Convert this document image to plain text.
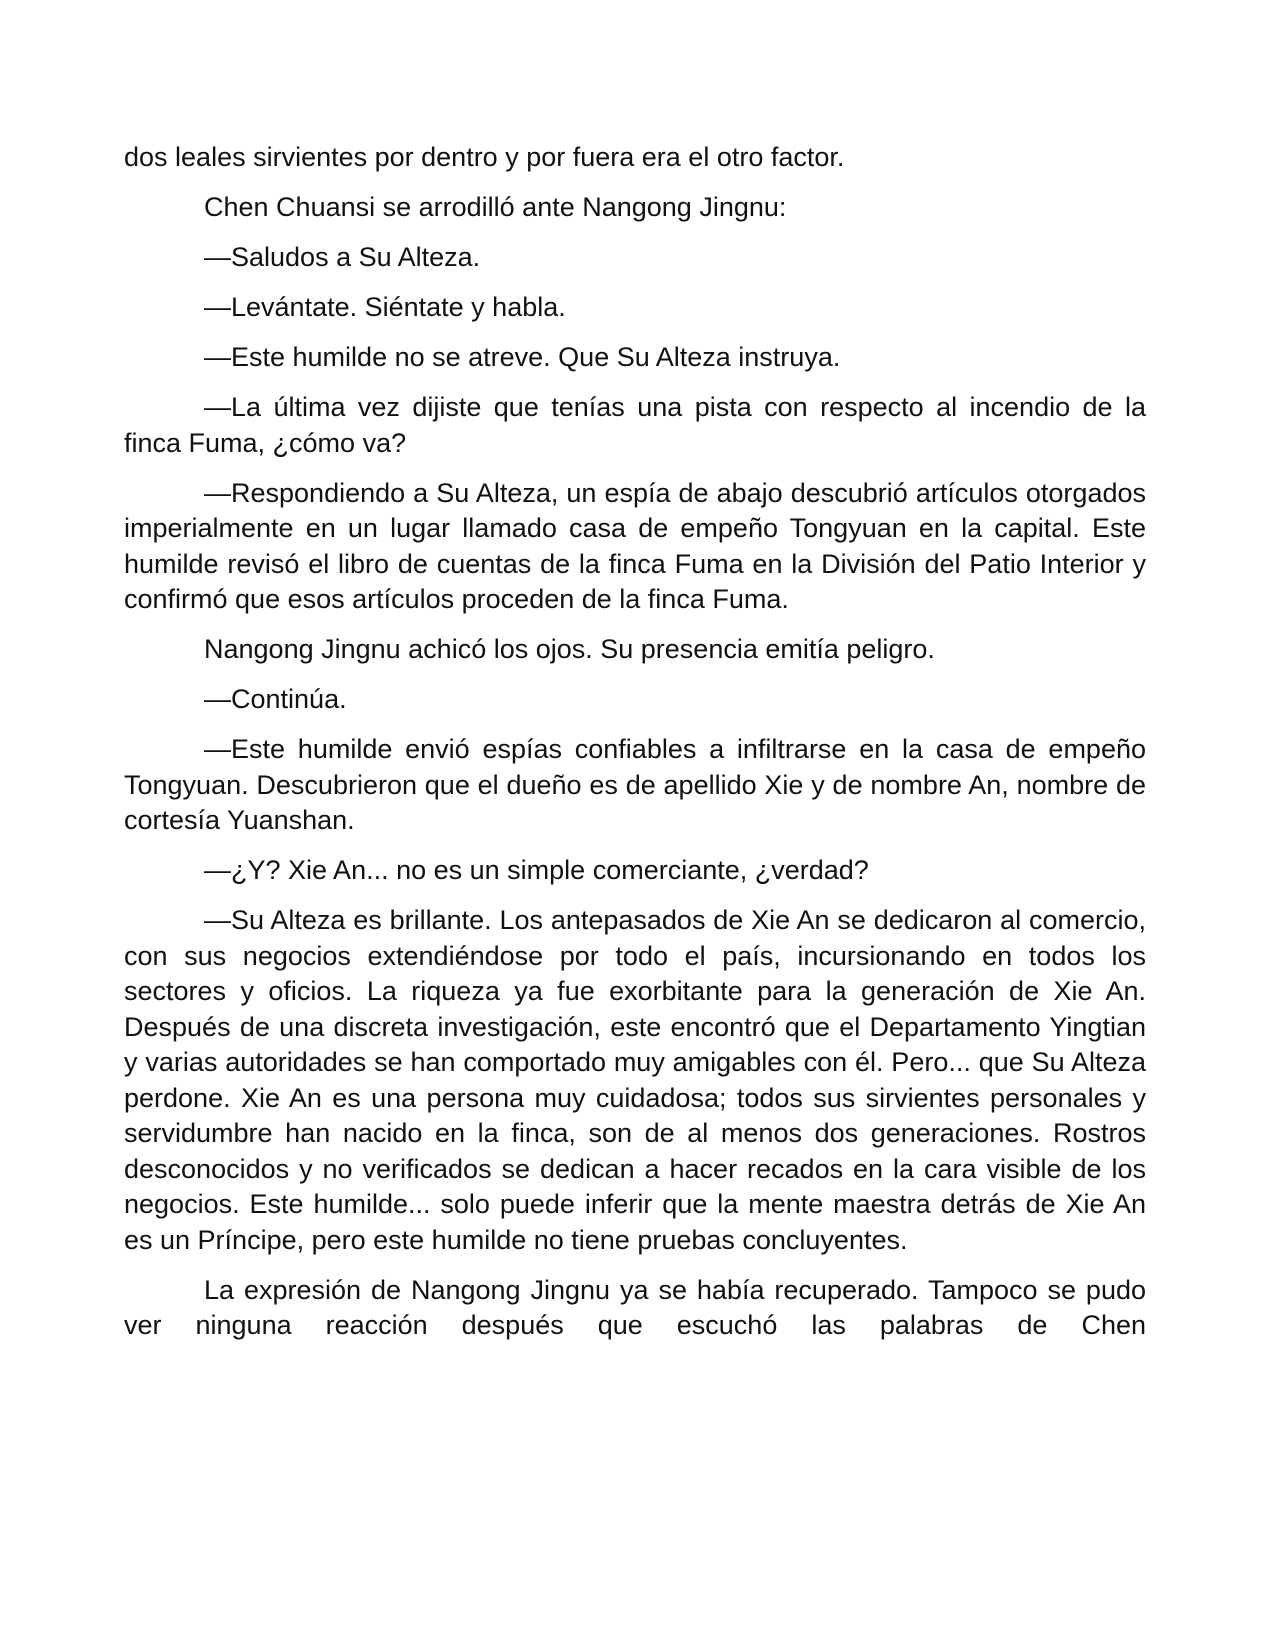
dos leales sirvientes por dentro y por fuera era el otro factor.

Chen Chuansi se arrodilló ante Nangong Jingnu:

—Saludos a Su Alteza.

—Levántate. Siéntate y habla.

—Este humilde no se atreve. Que Su Alteza instruya.

—La última vez dijiste que tenías una pista con respecto al incendio de la finca Fuma, ¿cómo va?

—Respondiendo a Su Alteza, un espía de abajo descubrió artículos otorgados imperialmente en un lugar llamado casa de empeño Tongyuan en la capital. Este humilde revisó el libro de cuentas de la finca Fuma en la División del Patio Interior y confirmó que esos artículos proceden de la finca Fuma.

Nangong Jingnu achicó los ojos. Su presencia emitía peligro.

—Continúa.

—Este humilde envió espías confiables a infiltrarse en la casa de empeño Tongyuan. Descubrieron que el dueño es de apellido Xie y de nombre An, nombre de cortesía Yuanshan.

—¿Y? Xie An... no es un simple comerciante, ¿verdad?

—Su Alteza es brillante. Los antepasados de Xie An se dedicaron al comercio, con sus negocios extendiéndose por todo el país, incursionando en todos los sectores y oficios. La riqueza ya fue exorbitante para la generación de Xie An. Después de una discreta investigación, este encontró que el Departamento Yingtian y varias autoridades se han comportado muy amigables con él. Pero... que Su Alteza perdone. Xie An es una persona muy cuidadosa; todos sus sirvientes personales y servidumbre han nacido en la finca, son de al menos dos generaciones. Rostros desconocidos y no verificados se dedican a hacer recados en la cara visible de los negocios. Este humilde... solo puede inferir que la mente maestra detrás de Xie An es un Príncipe, pero este humilde no tiene pruebas concluyentes.

La expresión de Nangong Jingnu ya se había recuperado. Tampoco se pudo ver ninguna reacción después que escuchó las palabras de Chen
